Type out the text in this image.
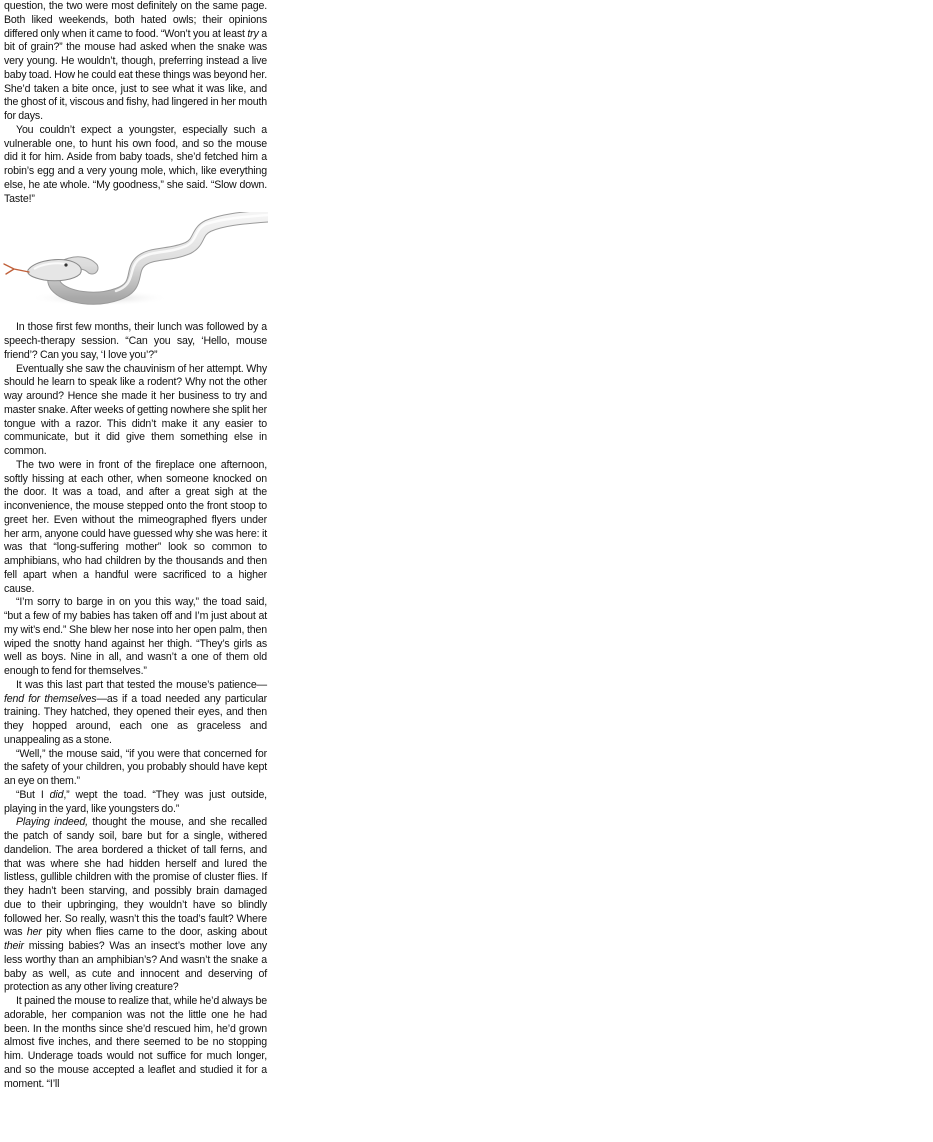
question, the two were most definitely on the same page. Both liked weekends, both hated owls; their opinions differed only when it came to food. “Won’t you at least try a bit of grain?” the mouse had asked when the snake was very young. He wouldn’t, though, preferring instead a live baby toad. How he could eat these things was beyond her. She’d taken a bite once, just to see what it was like, and the ghost of it, viscous and fishy, had lingered in her mouth for days.

You couldn’t expect a youngster, especially such a vulnerable one, to hunt his own food, and so the mouse did it for him. Aside from baby toads, she’d fetched him a robin’s egg and a very young mole, which, like everything else, he ate whole. “My goodness,” she said. “Slow down. Taste!”

In those first few months, their lunch was followed by a speech-therapy session. “Can you say, ‘Hello, mouse friend’? Can you say, ‘I love you’?”

Eventually she saw the chauvinism of her attempt. Why should he learn to speak like a rodent? Why not the other way around? Hence she made it her business to try and master snake. After weeks of getting nowhere she split her tongue with a razor. This didn’t make it any easier to communicate, but it did give them something else in common.

The two were in front of the fireplace one afternoon, softly hissing at each other, when someone knocked on the door. It was a toad, and after a great sigh at the inconvenience, the mouse stepped onto the front stoop to greet her. Even without the mimeographed flyers under her arm, anyone could have guessed why she was here: it was that “long-suffering mother” look so common to amphibians, who had children by the thousands and then fell apart when a handful were sacrificed to a higher cause.

“I’m sorry to barge in on you this way,” the toad said, “but a few of my babies has taken off and I’m just about at my wit’s end.” She blew her nose into her open palm, then wiped the snotty hand against her thigh. “They’s girls as well as boys. Nine in all, and wasn’t a one of them old enough to fend for themselves.”

It was this last part that tested the mouse’s patience—fend for themselves—as if a toad needed any particular training. They hatched, they opened their eyes, and then they hopped around, each one as graceless and unappealing as a stone.

“Well,” the mouse said, “if you were that concerned for the safety of your children, you probably should have kept an eye on them.”

“But I did,” wept the toad. “They was just outside, playing in the yard, like youngsters do.”

Playing indeed, thought the mouse, and she recalled the patch of sandy soil, bare but for a single, withered dandelion. The area bordered a thicket of tall ferns, and that was where she had hidden herself and lured the listless, gullible children with the promise of cluster flies. If they hadn’t been starving, and possibly brain damaged due to their upbringing, they wouldn’t have so blindly followed her. So really, wasn’t this the toad’s fault? Where was her pity when flies came to the door, asking about their missing babies? Was an insect’s mother love any less worthy than an amphibian’s? And wasn’t the snake a baby as well, as cute and innocent and deserving of protection as any other living creature?

It pained the mouse to realize that, while he’d always be adorable, her companion was not the little one he had been. In the months since she’d rescued him, he’d grown almost five inches, and there seemed to be no stopping him. Underage toads would not suffice for much longer, and so the mouse accepted a leaflet and studied it for a moment. “I’ll
